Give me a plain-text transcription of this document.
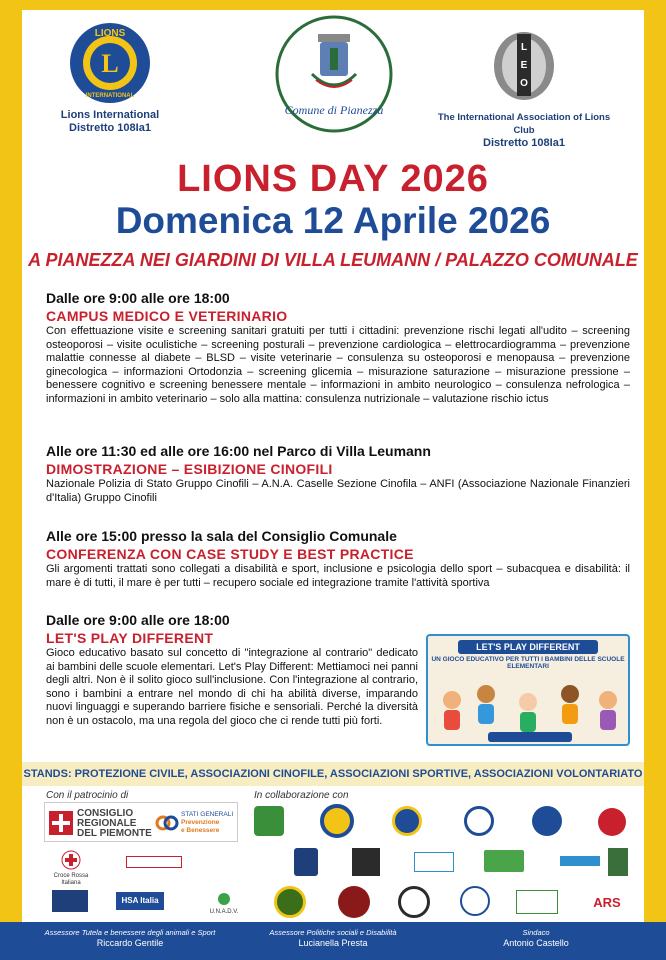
L
LIONS
INTERNATIONAL
Lions International
Distretto 108Ia1
Comune di Pianezza
L
E
O
The International Association of Lions Club
Distretto 108Ia1
LIONS DAY 2026
Domenica 12 Aprile 2026
A PIANEZZA NEI GIARDINI DI VILLA LEUMANN / PALAZZO COMUNALE
Dalle ore 9:00 alle ore 18:00
CAMPUS MEDICO E VETERINARIO

Con effettuazione visite e screening sanitari gratuiti per tutti i cittadini: prevenzione rischi legati all'udito – screening osteoporosi – visite oculistiche – screening posturali – prevenzione cardiologica – elettrocardiogramma – prevenzione malattie connesse al diabete – BLSD – visite veterinarie – consulenza su osteoporosi e menopausa – prevenzione ginecologica – informazioni Ortodonzia – screening glicemia – misurazione saturazione – misurazione pressione – benessere cognitivo e screening benessere mentale – informazioni in ambito neurologico – consulenza nefrologica – informazioni in ambito veterinario – solo alla mattina: consulenza nutrizionale – valutazione rischio ictus

Alle ore 11:30 ed alle ore 16:00 nel Parco di Villa Leumann
DIMOSTRAZIONE – ESIBIZIONE CINOFILI

Nazionale Polizia di Stato Gruppo Cinofili – A.N.A. Caselle Sezione Cinofila – ANFI (Associazione Nazionale Finanzieri d'Italia) Gruppo Cinofili

Alle ore 15:00 presso la sala del Consiglio Comunale
CONFERENZA CON CASE STUDY E BEST PRACTICE

Gli argomenti trattati sono collegati a disabilità e sport, inclusione e psicologia dello sport – subacquea e disabilità: il mare è di tutti, il mare è per tutti – recupero sociale ed integrazione tramite l'attività sportiva

Dalle ore 9:00 alle ore 18:00
LET'S PLAY DIFFERENT

Gioco educativo basato sul concetto di "integrazione al contrario" dedicato ai bambini delle scuole elementari. Let's Play Different: Mettiamoci nei panni degli altri. Non è il solito gioco sull'inclusione. Con l'integrazione al contrario, sono i bambini a entrare nel mondo di chi ha abilità diverse, imparando nuovi linguaggi e superando barriere fisiche e sensoriali. Perché la diversità non è un ostacolo, ma una regola del gioco che ci rende tutti più forti.

LET'S PLAY DIFFERENT
UN GIOCO EDUCATIVO PER TUTTI I BAMBINI DELLE SCUOLE ELEMENTARI
STANDS: PROTEZIONE CIVILE, ASSOCIAZIONI CINOFILE, ASSOCIAZIONI SPORTIVE, ASSOCIAZIONI VOLONTARIATO
Con il patrocinio di	In collaborazione con
CONSIGLIO
REGIONALE
DEL PIEMONTE
STATI GENERALI
Prevenzione
e Benessere
Croce Rossa Italiana
HSA Italia
U.N.A.D.V.
ARS
Assessore Tutela e benessere degli animali e Sport
Riccardo Gentile
Assessore Politiche sociali e Disabilità
Lucianella Presta
Sindaco
Antonio Castello
